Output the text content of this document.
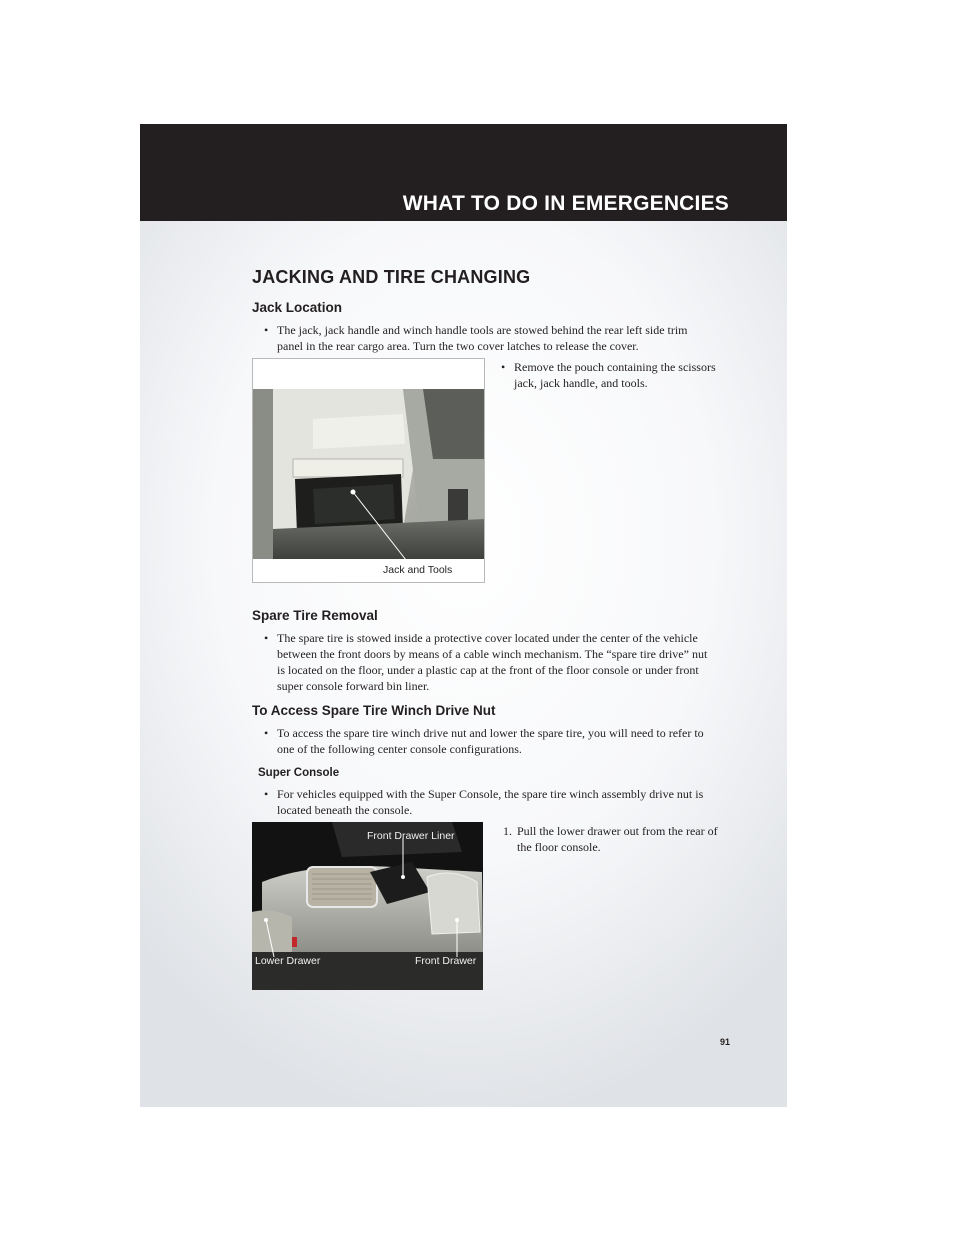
WHAT TO DO IN EMERGENCIES
JACKING AND TIRE CHANGING
Jack Location
• The jack, jack handle and winch handle tools are stowed behind the rear left side trim
panel in the rear cargo area. Turn the two cover latches to release the cover.
• Remove the pouch containing the scissors
jack, jack handle, and tools.
Jack and Tools
Spare Tire Removal
• The spare tire is stowed inside a protective cover located under the center of the vehicle
between the front doors by means of a cable winch mechanism. The “spare tire drive” nut
is located on the floor, under a plastic cap at the front of the floor console or under front
super console forward bin liner.
To Access Spare Tire Winch Drive Nut
• To access the spare tire winch drive nut and lower the spare tire, you will need to refer to
one of the following center console configurations.
Super Console
• For vehicles equipped with the Super Console, the spare tire winch assembly drive nut is
located beneath the console.
Front Drawer Liner
Lower Drawer	Front Drawer
1. Pull the lower drawer out from the rear of
the floor console.
91
